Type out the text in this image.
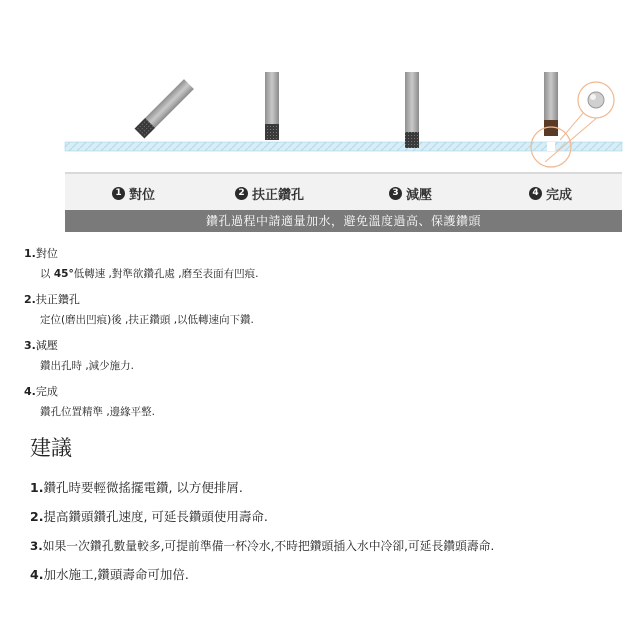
1 對位	2 扶正鑽孔	3 減壓	4 完成
鑽孔過程中請適量加水，避免溫度過高、保護鑽頭
1.對位
以 45°低轉速 ,對準欲鑽孔處 ,磨至表面有凹痕.
2.扶正鑽孔
定位(磨出凹痕)後 ,扶正鑽頭 ,以低轉速向下鑽.
3.減壓
鑽出孔時 ,減少施力.
4.完成
鑽孔位置精準 ,邊緣平整.
建議
1.鑽孔時要輕微搖擺電鑽, 以方便排屑.
2.提高鑽頭鑽孔速度, 可延長鑽頭使用壽命.
3.如果一次鑽孔數量較多,可提前準備一杯冷水,不時把鑽頭插入水中冷卻,可延長鑽頭壽命.
4.加水施工,鑽頭壽命可加倍.
